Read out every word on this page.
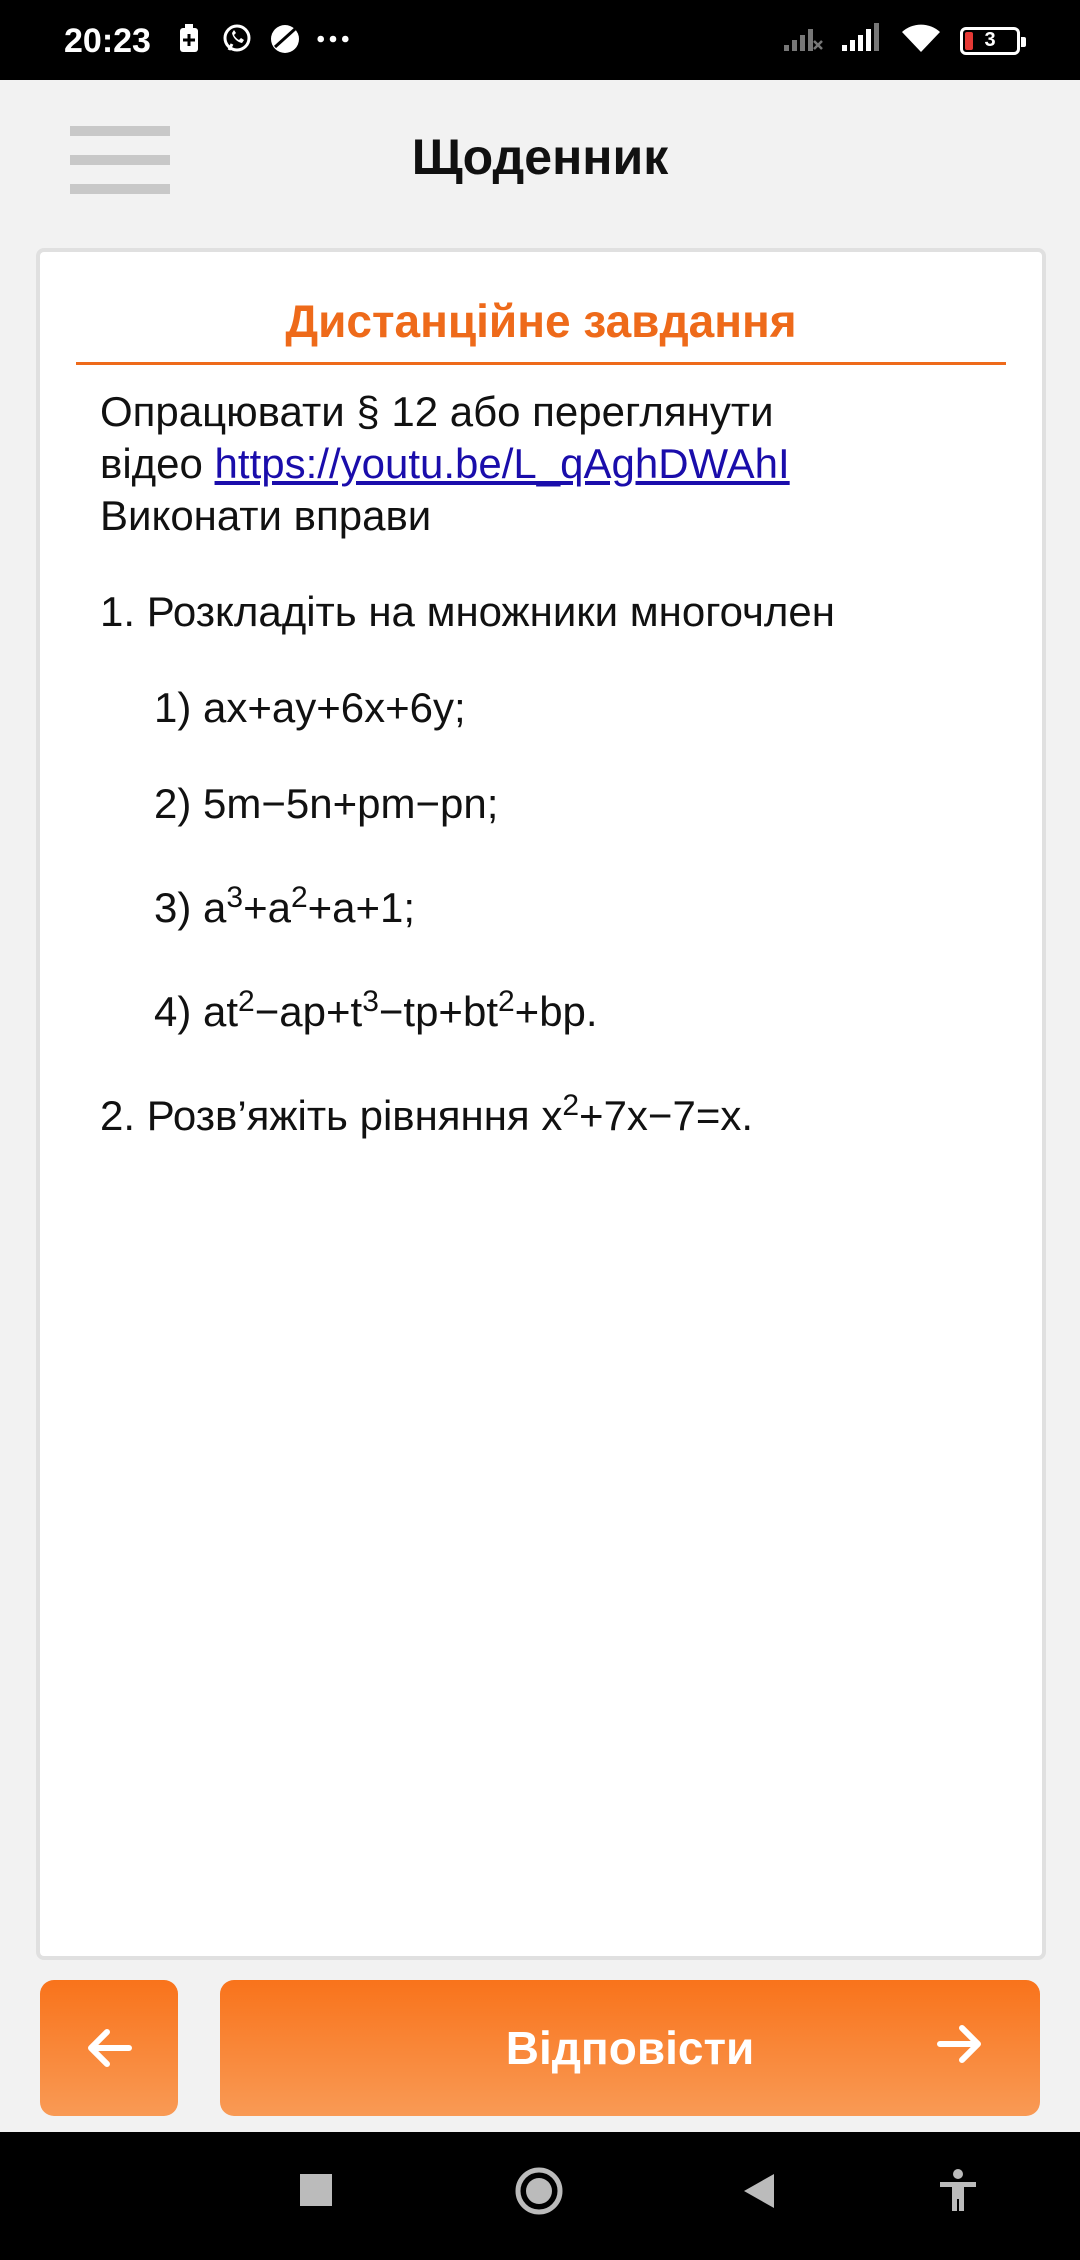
20:23	3
Щоденник
Дистанційне завдання
Опрацювати § 12 або переглянути
відео https://youtu.be/L_qAghDWAhI
Виконати вправи
1. Розкладіть на множники многочлен
1) ax+ay+6x+6y;
2) 5m−5n+pm−pn;
3) $a^3+a^2+a+1$;
4) $at^2-ap+t^3-tp+bt^2+bp$.
2. Розв’яжіть рівняння $x^2+7x-7=x$.
Відповісти
